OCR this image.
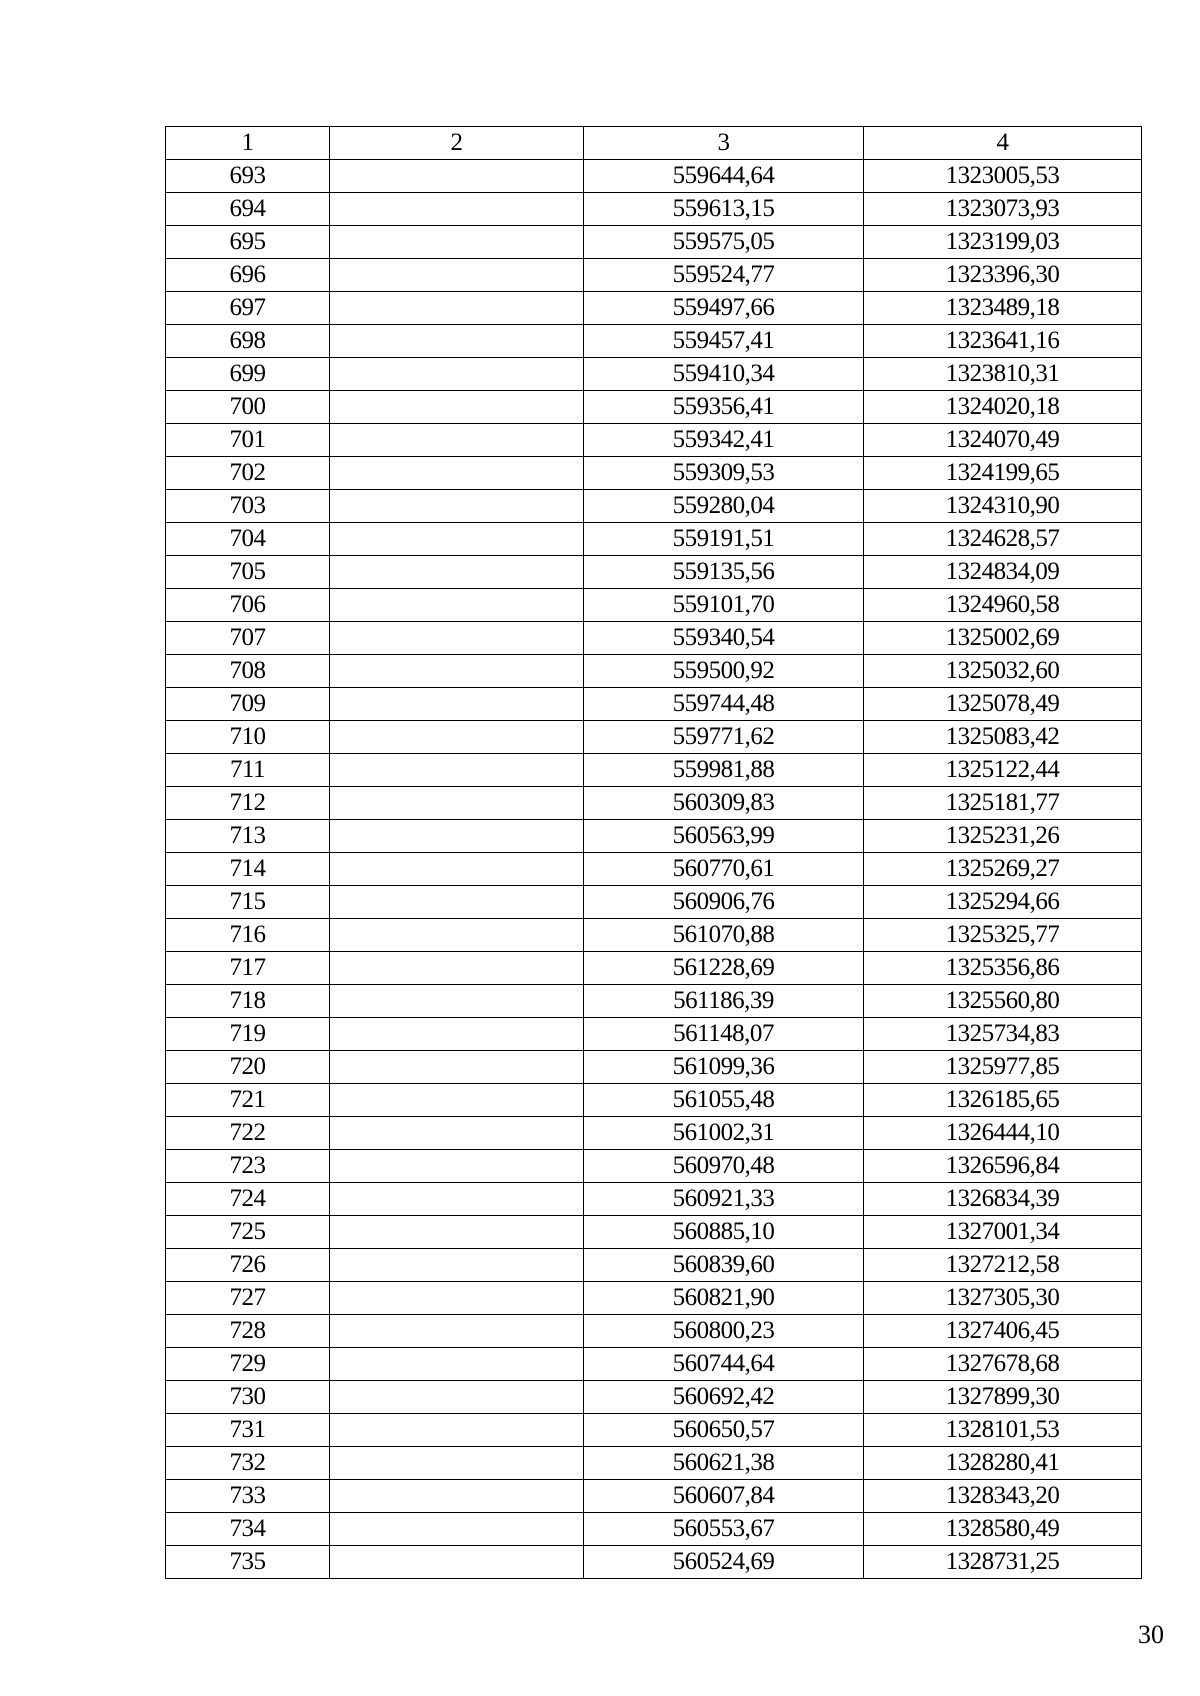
1	2	3	4
693		559644,64	1323005,53
694		559613,15	1323073,93
695		559575,05	1323199,03
696		559524,77	1323396,30
697		559497,66	1323489,18
698		559457,41	1323641,16
699		559410,34	1323810,31
700		559356,41	1324020,18
701		559342,41	1324070,49
702		559309,53	1324199,65
703		559280,04	1324310,90
704		559191,51	1324628,57
705		559135,56	1324834,09
706		559101,70	1324960,58
707		559340,54	1325002,69
708		559500,92	1325032,60
709		559744,48	1325078,49
710		559771,62	1325083,42
711		559981,88	1325122,44
712		560309,83	1325181,77
713		560563,99	1325231,26
714		560770,61	1325269,27
715		560906,76	1325294,66
716		561070,88	1325325,77
717		561228,69	1325356,86
718		561186,39	1325560,80
719		561148,07	1325734,83
720		561099,36	1325977,85
721		561055,48	1326185,65
722		561002,31	1326444,10
723		560970,48	1326596,84
724		560921,33	1326834,39
725		560885,10	1327001,34
726		560839,60	1327212,58
727		560821,90	1327305,30
728		560800,23	1327406,45
729		560744,64	1327678,68
730		560692,42	1327899,30
731		560650,57	1328101,53
732		560621,38	1328280,41
733		560607,84	1328343,20
734		560553,67	1328580,49
735		560524,69	1328731,25
30
